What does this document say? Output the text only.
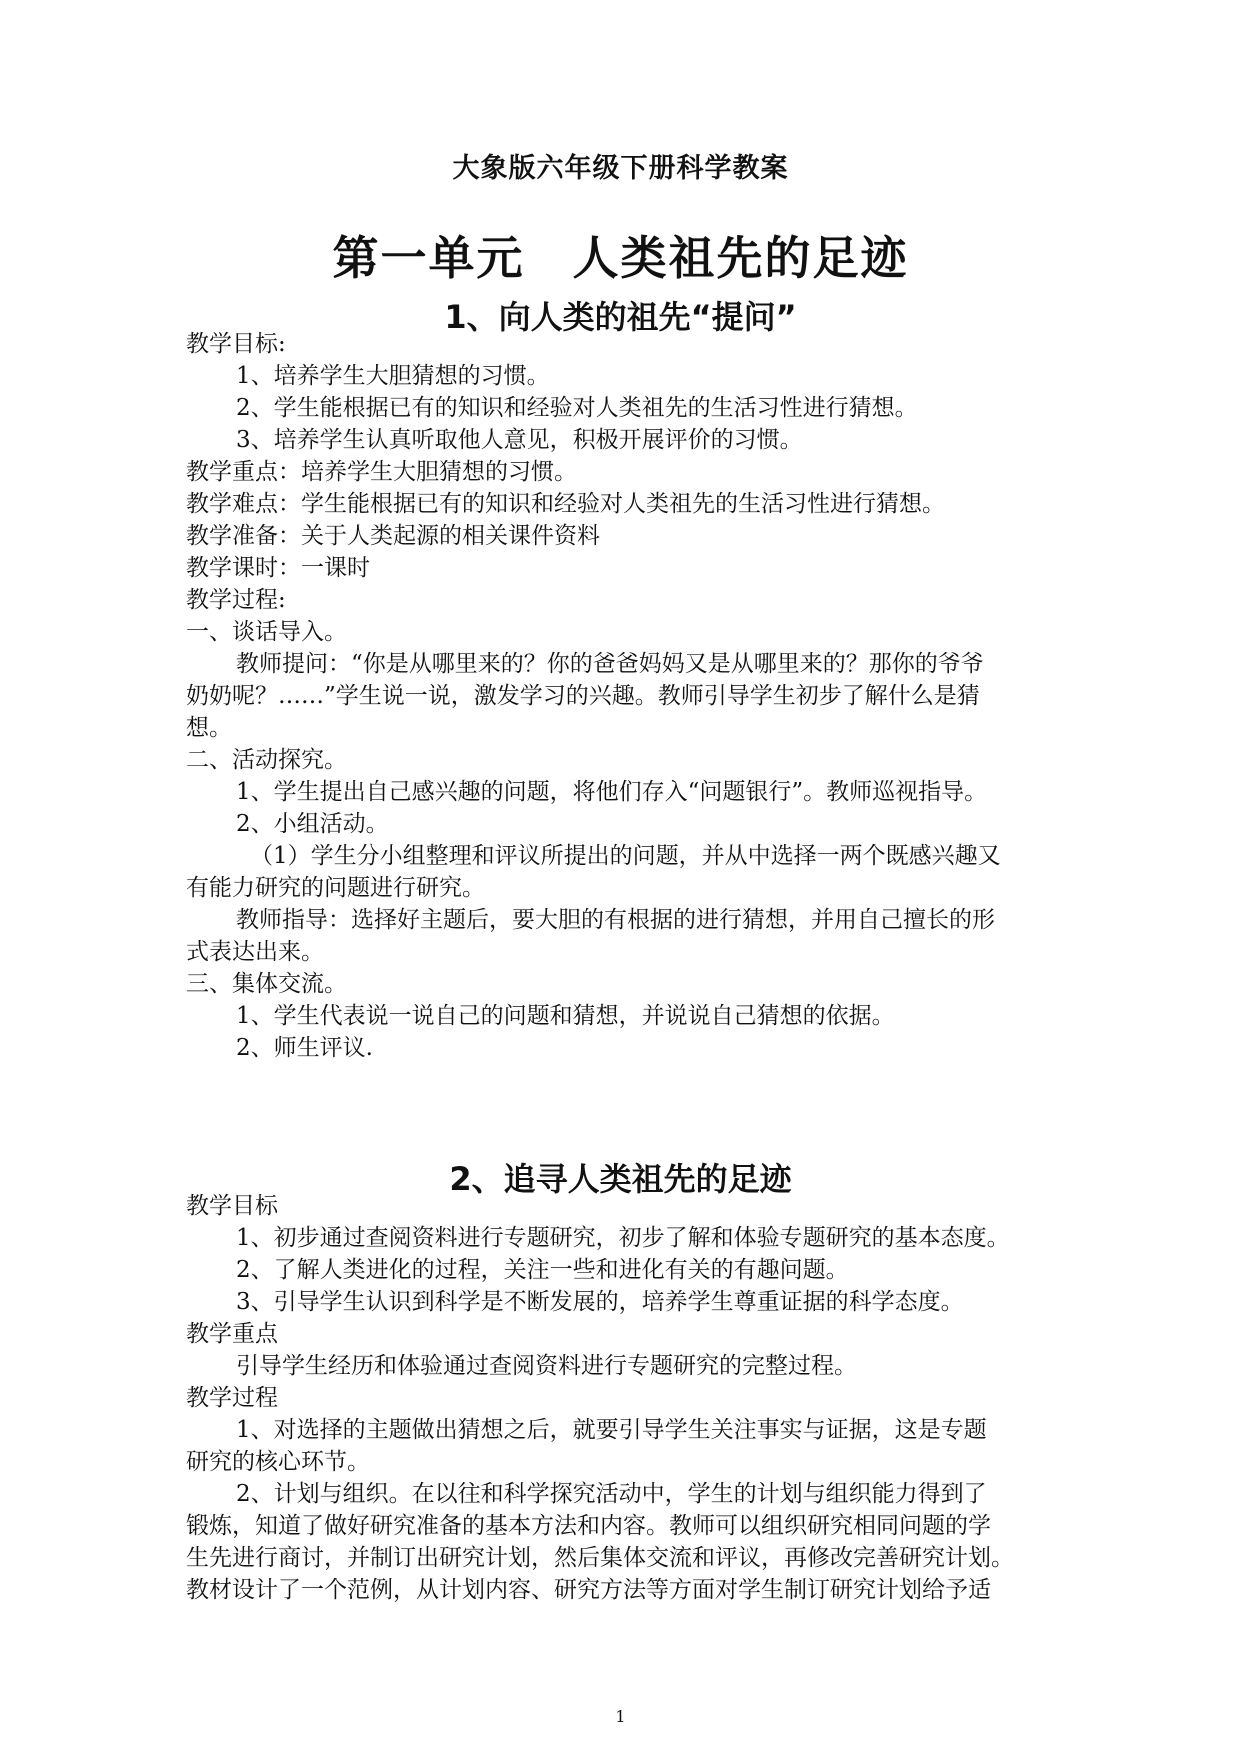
大象版六年级下册科学教案
第一单元　人类祖先的足迹
1、向人类的祖先“提问”
教学目标:
1、培养学生大胆猜想的习惯。
2、学生能根据已有的知识和经验对人类祖先的生活习性进行猜想。
3、培养学生认真听取他人意见，积极开展评价的习惯。
教学重点：培养学生大胆猜想的习惯。
教学难点：学生能根据已有的知识和经验对人类祖先的生活习性进行猜想。
教学准备：关于人类起源的相关课件资料
教学课时：一课时
教学过程:
一、谈话导入。
教师提问：“你是从哪里来的？你的爸爸妈妈又是从哪里来的？那你的爷爷
奶奶呢？……”学生说一说，激发学习的兴趣。教师引导学生初步了解什么是猜
想。
二、活动探究。
1、学生提出自己感兴趣的问题，将他们存入“问题银行”。教师巡视指导。
2、小组活动。
（1）学生分小组整理和评议所提出的问题，并从中选择一两个既感兴趣又
有能力研究的问题进行研究。
教师指导：选择好主题后，要大胆的有根据的进行猜想，并用自己擅长的形
式表达出来。
三、集体交流。
1、学生代表说一说自己的问题和猜想，并说说自己猜想的依据。
2、师生评议.
2、追寻人类祖先的足迹
教学目标
1、初步通过查阅资料进行专题研究，初步了解和体验专题研究的基本态度。
2、了解人类进化的过程，关注一些和进化有关的有趣问题。
3、引导学生认识到科学是不断发展的，培养学生尊重证据的科学态度。
教学重点
引导学生经历和体验通过查阅资料进行专题研究的完整过程。
教学过程
1、对选择的主题做出猜想之后，就要引导学生关注事实与证据，这是专题
研究的核心环节。
2、计划与组织。在以往和科学探究活动中，学生的计划与组织能力得到了
锻炼，知道了做好研究准备的基本方法和内容。教师可以组织研究相同问题的学
生先进行商讨，并制订出研究计划，然后集体交流和评议，再修改完善研究计划。
教材设计了一个范例，从计划内容、研究方法等方面对学生制订研究计划给予适
1
